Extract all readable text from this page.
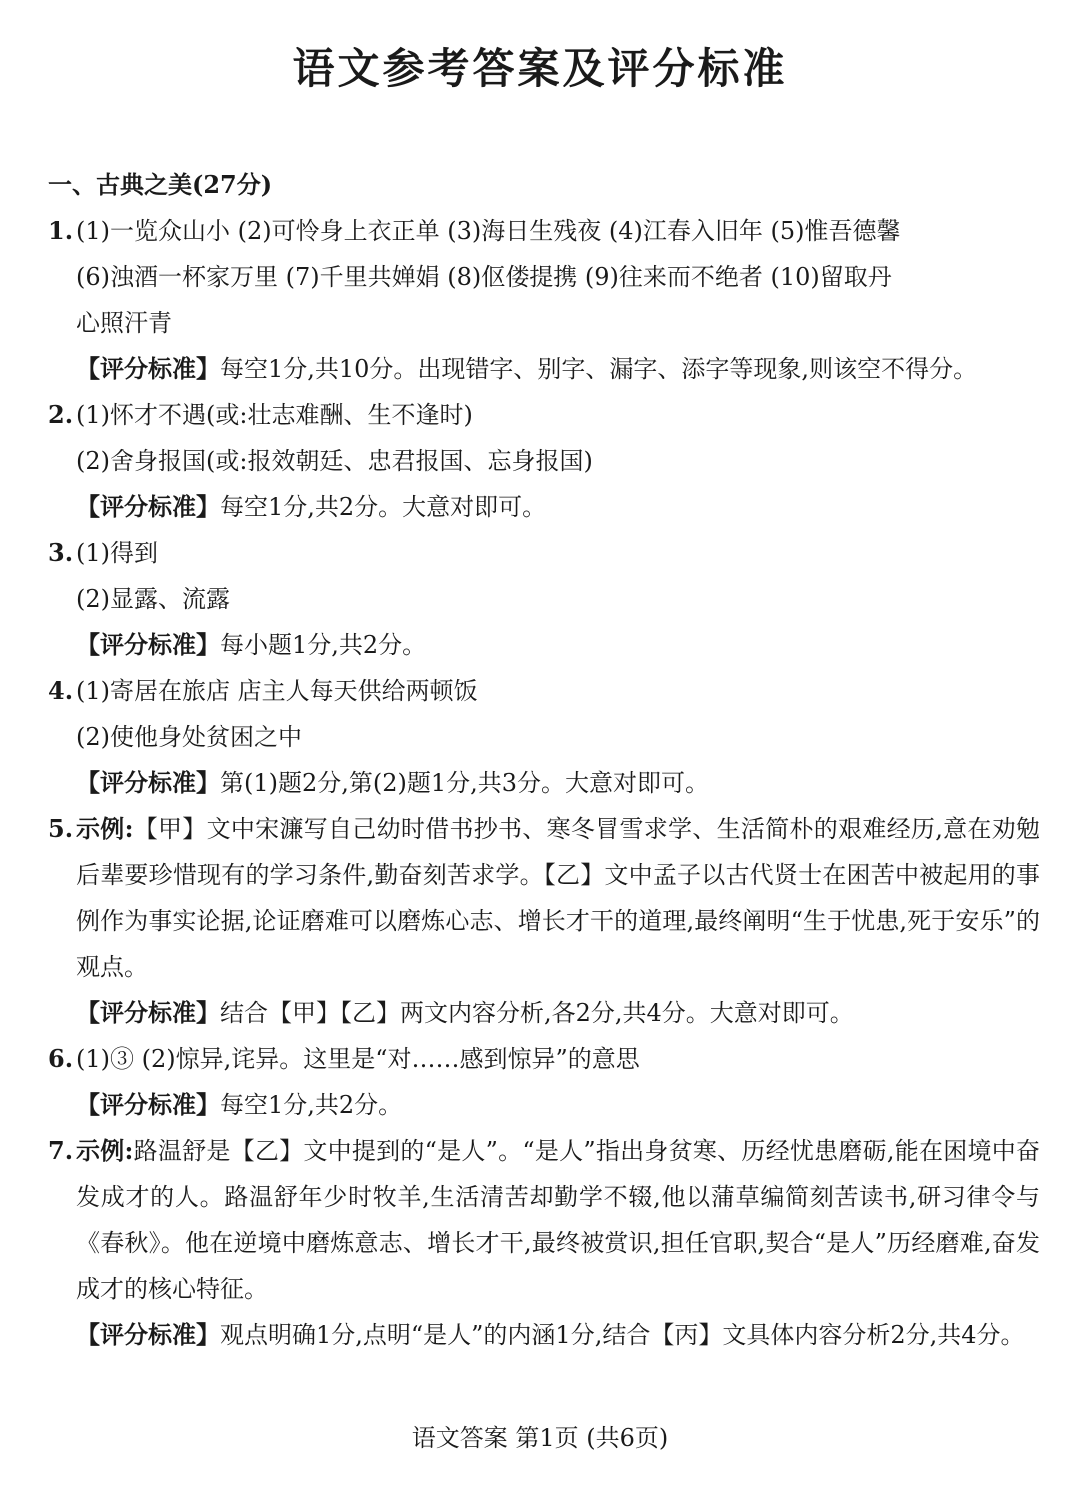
语文参考答案及评分标准
一、古典之美(27分)
1. (1)一览众山小 (2)可怜身上衣正单 (3)海日生残夜 (4)江春入旧年 (5)惟吾德馨
(6)浊酒一杯家万里 (7)千里共婵娟 (8)伛偻提携 (9)往来而不绝者 (10)留取丹
心照汗青
【评分标准】每空1分,共10分。出现错字、别字、漏字、添字等现象,则该空不得分。
2. (1)怀才不遇(或:壮志难酬、生不逢时)
(2)舍身报国(或:报效朝廷、忠君报国、忘身报国)
【评分标准】每空1分,共2分。大意对即可。
3. (1)得到
(2)显露、流露
【评分标准】每小题1分,共2分。
4. (1)寄居在旅店 店主人每天供给两顿饭
(2)使他身处贫困之中
【评分标准】第(1)题2分,第(2)题1分,共3分。大意对即可。
5. 示例:【甲】文中宋濂写自己幼时借书抄书、寒冬冒雪求学、生活简朴的艰难经历,意在劝勉后辈要珍惜现有的学习条件,勤奋刻苦求学。【乙】文中孟子以古代贤士在困苦中被起用的事例作为事实论据,论证磨难可以磨炼心志、增长才干的道理,最终阐明“生于忧患,死于安乐”的观点。
【评分标准】结合【甲】【乙】两文内容分析,各2分,共4分。大意对即可。
6. (1)③ (2)惊异,诧异。这里是“对……感到惊异”的意思
【评分标准】每空1分,共2分。
7. 示例:路温舒是【乙】文中提到的“是人”。“是人”指出身贫寒、历经忧患磨砺,能在困境中奋发成才的人。路温舒年少时牧羊,生活清苦却勤学不辍,他以蒲草编简刻苦读书,研习律令与《春秋》。他在逆境中磨炼意志、增长才干,最终被赏识,担任官职,契合“是人”历经磨难,奋发成才的核心特征。
【评分标准】观点明确1分,点明“是人”的内涵1分,结合【丙】文具体内容分析2分,共4分。
语文答案 第1页 (共6页)
